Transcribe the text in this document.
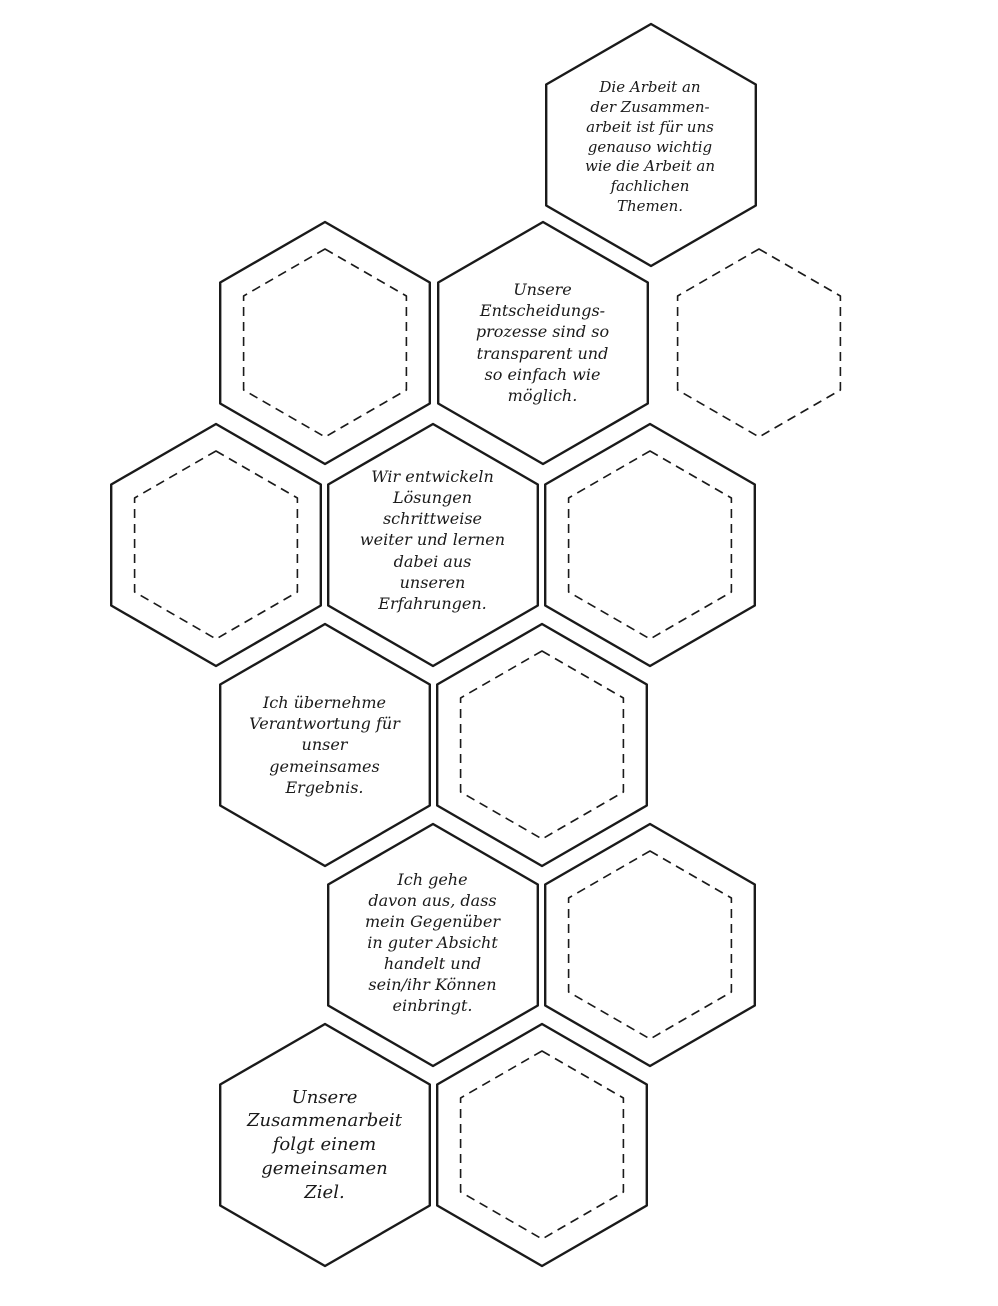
Die Arbeit an
der Zusammen-
arbeit ist für uns
genauso wichtig
wie die Arbeit an
fachlichen
Themen.
Unsere
Entscheidungs-
prozesse sind so
transparent und
so einfach wie
möglich.
Wir entwickeln
Lösungen
schrittweise
weiter und lernen
dabei aus
unseren
Erfahrungen.
Ich übernehme
Verantwortung für
unser
gemeinsames
Ergebnis.
Ich gehe
davon aus, dass
mein Gegenüber
in guter Absicht
handelt und
sein/ihr Können
einbringt.
Unsere
Zusammenarbeit
folgt einem
gemeinsamen
Ziel.
